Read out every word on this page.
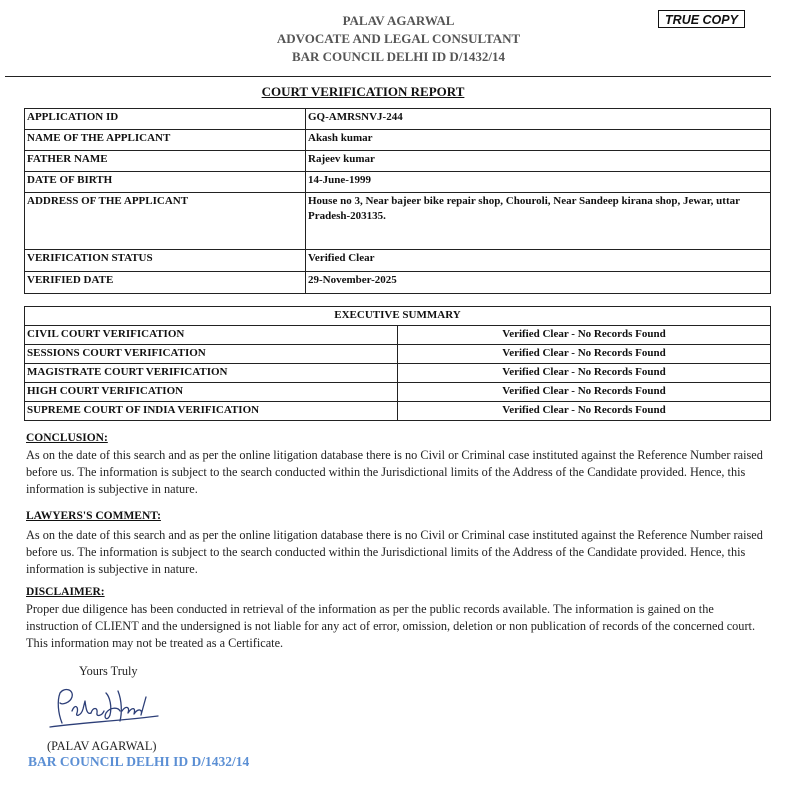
PALAV AGARWAL
ADVOCATE AND LEGAL CONSULTANT
BAR COUNCIL DELHI ID D/1432/14
TRUE COPY
COURT VERIFICATION REPORT
APPLICATION ID	GQ-AMRSNVJ-244
NAME OF THE APPLICANT	Akash kumar
FATHER NAME	Rajeev kumar
DATE OF BIRTH	14-June-1999
ADDRESS OF THE APPLICANT	House no 3, Near bajeer bike repair shop, Chouroli, Near Sandeep kirana shop, Jewar, uttar Pradesh-203135.
VERIFICATION STATUS	Verified Clear
VERIFIED DATE	29-November-2025
EXECUTIVE SUMMARY	
CIVIL COURT VERIFICATION	Verified Clear - No Records Found
SESSIONS COURT VERIFICATION	Verified Clear - No Records Found
MAGISTRATE COURT VERIFICATION	Verified Clear - No Records Found
HIGH COURT VERIFICATION	Verified Clear - No Records Found
SUPREME COURT OF INDIA VERIFICATION	Verified Clear - No Records Found
CONCLUSION:
As on the date of this search and as per the online litigation database there is no Civil or Criminal case instituted against the Reference Number raised before us. The information is subject to the search conducted within the Jurisdictional limits of the Address of the Candidate provided. Hence, this information is subjective in nature.
LAWYERS'S COMMENT:
As on the date of this search and as per the online litigation database there is no Civil or Criminal case instituted against the Reference Number raised before us. The information is subject to the search conducted within the Jurisdictional limits of the Address of the Candidate provided. Hence, this information is subjective in nature.
DISCLAIMER:
Proper due diligence has been conducted in retrieval of the information as per the public records available. The information is gained on the instruction of CLIENT and the undersigned is not liable for any act of error, omission, deletion or non publication of records of the concerned court. This information may not be treated as a Certificate.
Yours Truly
(PALAV AGARWAL)
BAR COUNCIL DELHI ID D/1432/14
